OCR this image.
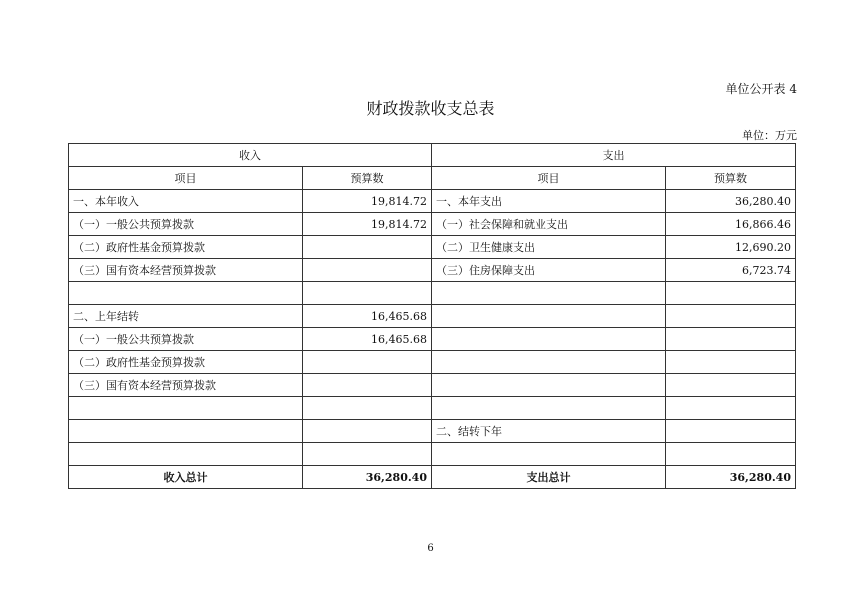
单位公开表 4
财政拨款收支总表
单位：万元
收入		支出	
项目	预算数	项目	预算数
一、本年收入	19,814.72	一、本年支出	36,280.40
（一）一般公共预算拨款	19,814.72	（一）社会保障和就业支出	16,866.46
（二）政府性基金预算拨款		（二）卫生健康支出	12,690.20
（三）国有资本经营预算拨款		（三）住房保障支出	6,723.74

二、上年结转	16,465.68		
（一）一般公共预算拨款	16,465.68		
（二）政府性基金预算拨款			
（三）国有资本经营预算拨款			

		二、结转下年	

收入总计	36,280.40	支出总计	36,280.40
6
